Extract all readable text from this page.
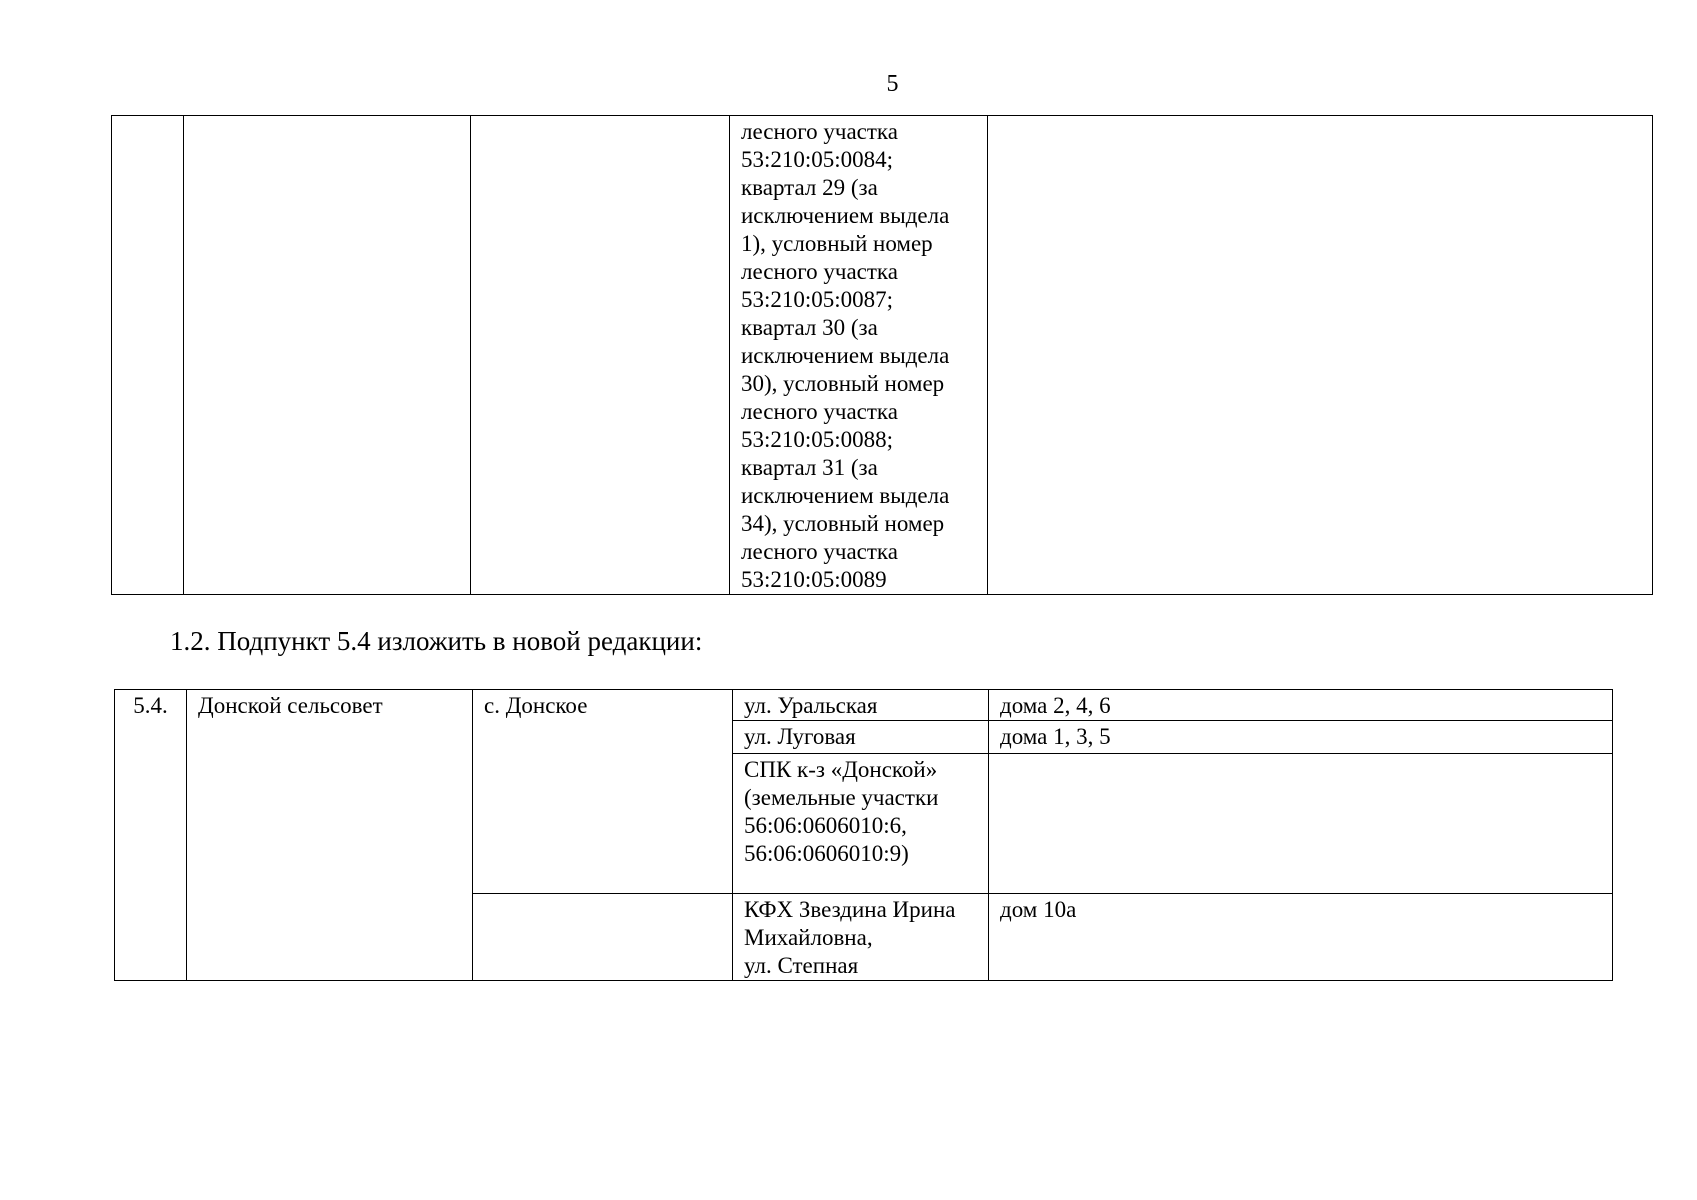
5
			лесного участка
53:210:05:0084;
квартал 29 (за
исключением выдела
1), условный номер
лесного участка
53:210:05:0087;
квартал 30 (за
исключением выдела
30), условный номер
лесного участка
53:210:05:0088;
квартал 31 (за
исключением выдела
34), условный номер
лесного участка
53:210:05:0089	
1.2. Подпункт 5.4 изложить в новой редакции:
5.4.	Донской сельсовет	с. Донское	ул. Уральская	дома 2, 4, 6
			ул. Луговая	дома 1, 3, 5
			СПК к-з «Донской»
(земельные участки
56:06:0606010:6,
56:06:0606010:9)	
			КФХ Звездина Ирина
Михайловна,
ул. Степная	дом 10а
